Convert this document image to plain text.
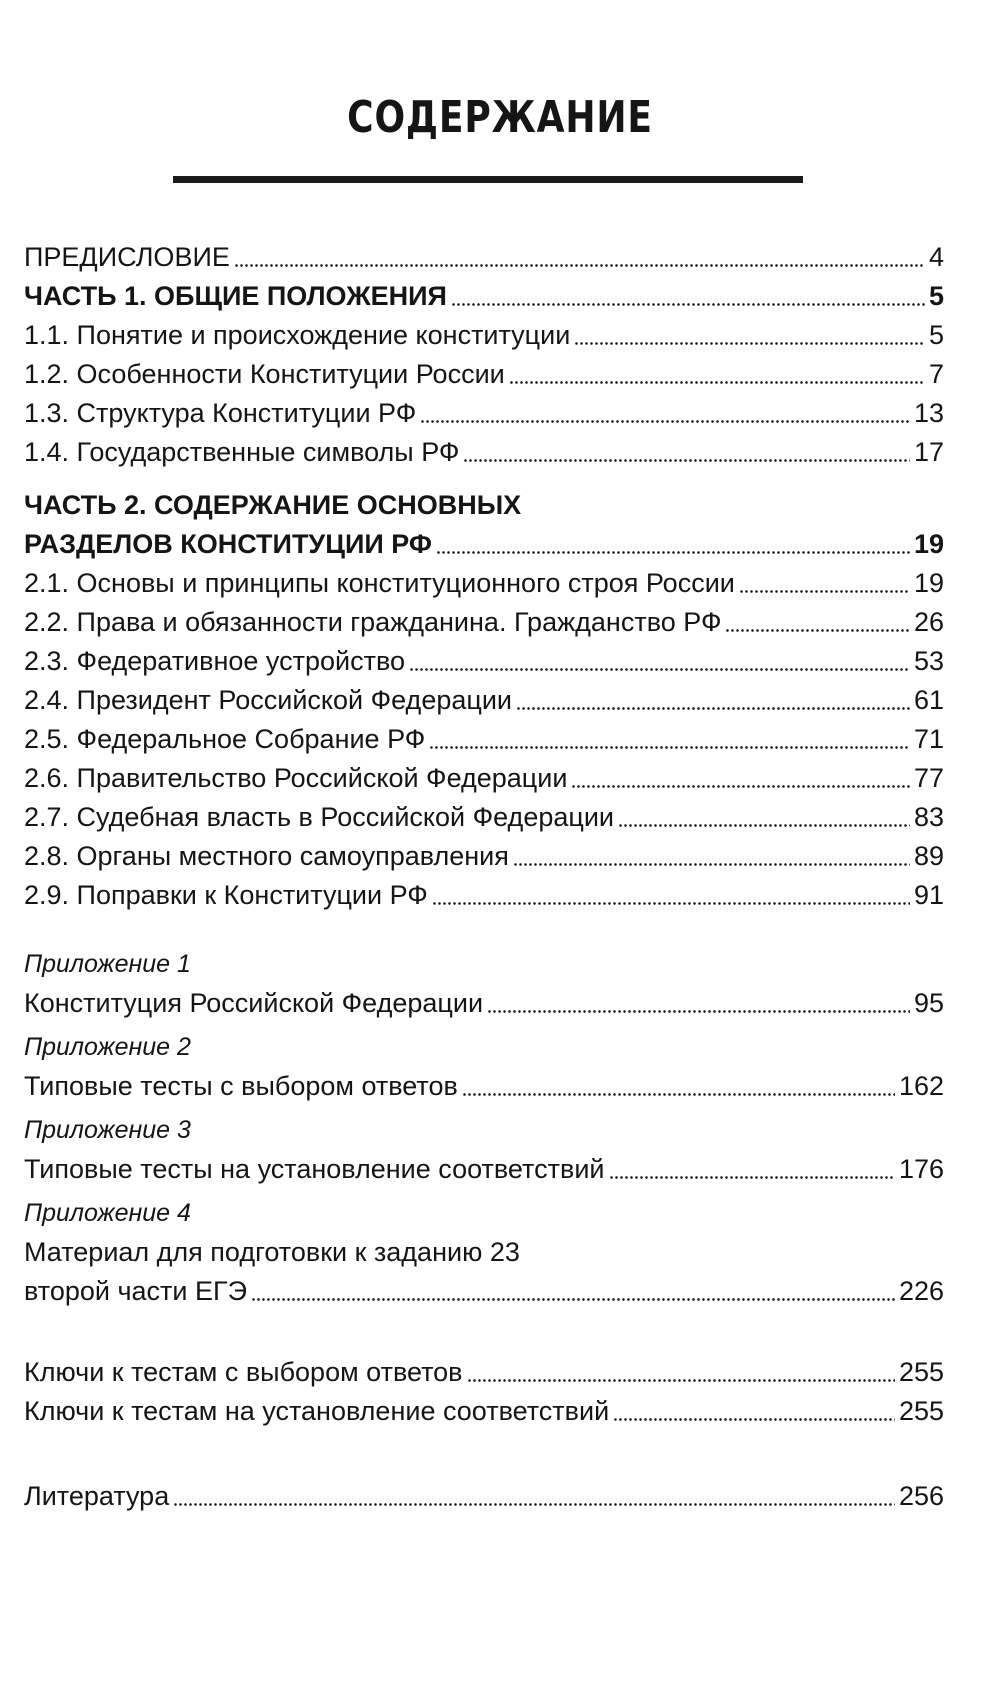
СОДЕРЖАНИЕ
ПРЕДИСЛОВИЕ	4
ЧАСТЬ 1. ОБЩИЕ ПОЛОЖЕНИЯ	5
1.1. Понятие и происхождение конституции	5
1.2. Особенности Конституции России	7
1.3. Структура Конституции РФ	13
1.4. Государственные символы РФ	17
ЧАСТЬ 2. СОДЕРЖАНИЕ ОСНОВНЫХ
РАЗДЕЛОВ КОНСТИТУЦИИ РФ	19
2.1. Основы и принципы конституционного строя России	19
2.2. Права и обязанности гражданина. Гражданство РФ	26
2.3. Федеративное устройство	53
2.4. Президент Российской Федерации	61
2.5. Федеральное Собрание РФ	71
2.6. Правительство Российской Федерации	77
2.7. Судебная власть в Российской Федерации	83
2.8. Органы местного самоуправления	89
2.9. Поправки к Конституции РФ	91
Приложение 1
Конституция Российской Федерации	95
Приложение 2
Типовые тесты с выбором ответов	162
Приложение 3
Типовые тесты на установление соответствий	176
Приложение 4
Материал для подготовки к заданию 23
второй части ЕГЭ	226
Ключи к тестам с выбором ответов	255
Ключи к тестам на установление соответствий	255
Литература	256
